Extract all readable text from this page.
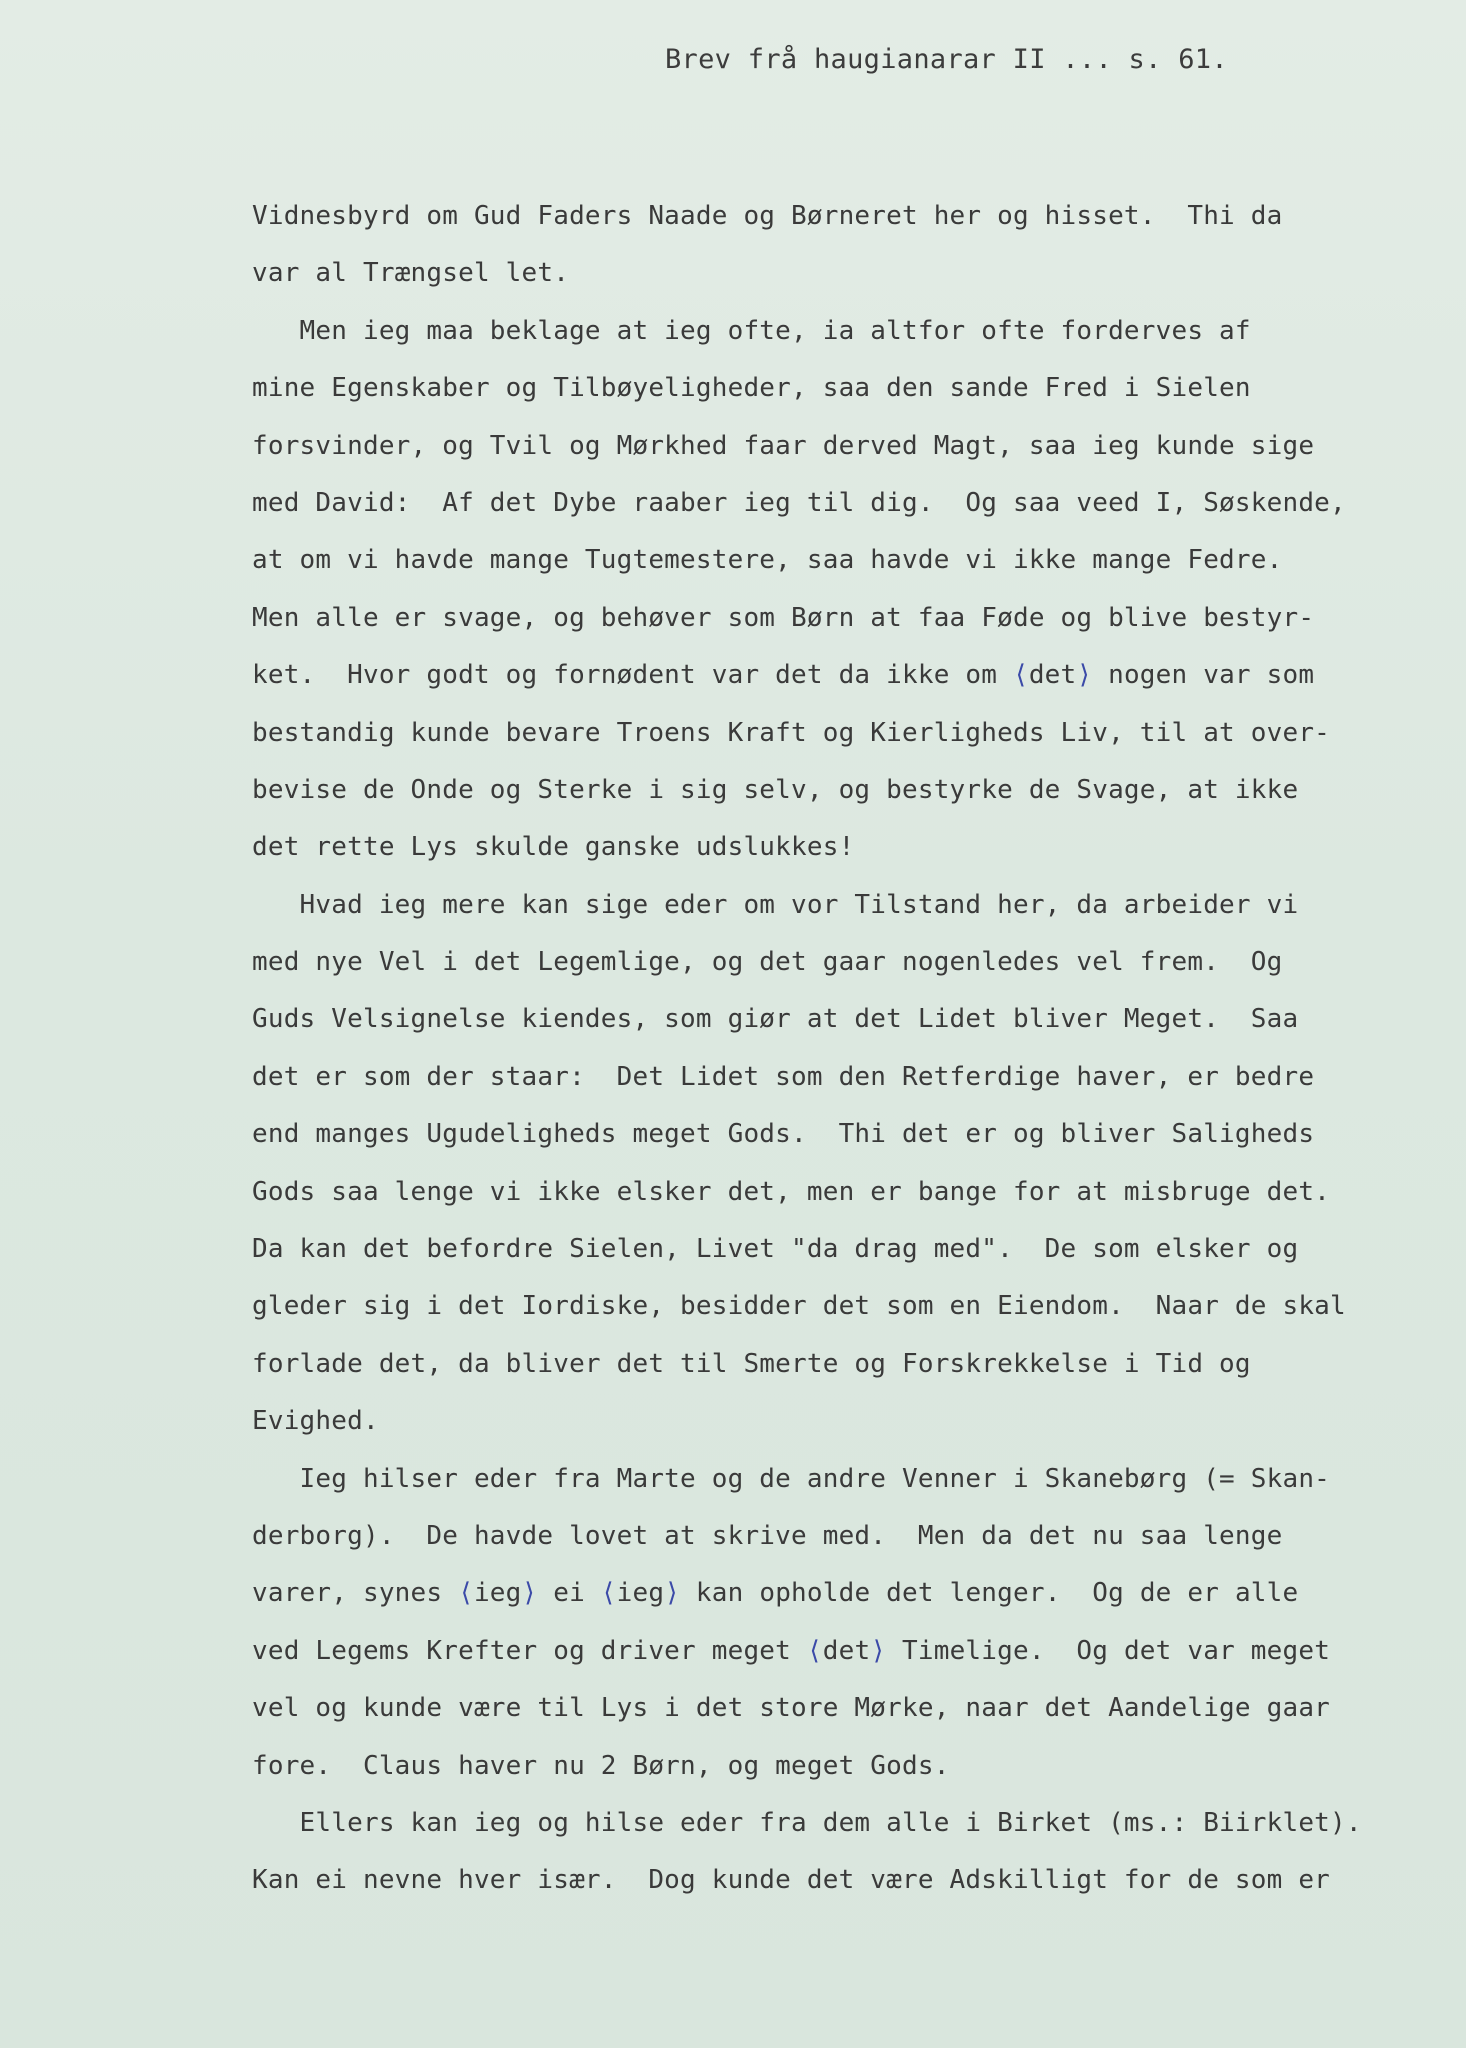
Brev frå haugianarar II ... s. 61.
Vidnesbyrd om Gud Faders Naade og Børneret her og hisset.  Thi da
var al Trængsel let.
Men ieg maa beklage at ieg ofte, ia altfor ofte forderves af
mine Egenskaber og Tilbøyeligheder, saa den sande Fred i Sielen
forsvinder, og Tvil og Mørkhed faar derved Magt, saa ieg kunde sige
med David:  Af det Dybe raaber ieg til dig.  Og saa veed I, Søskende,
at om vi havde mange Tugtemestere, saa havde vi ikke mange Fedre.
Men alle er svage, og behøver som Børn at faa Føde og blive bestyr-
ket.  Hvor godt og fornødent var det da ikke om ⟨det⟩ nogen var som
bestandig kunde bevare Troens Kraft og Kierligheds Liv, til at over-
bevise de Onde og Sterke i sig selv, og bestyrke de Svage, at ikke
det rette Lys skulde ganske udslukkes!
Hvad ieg mere kan sige eder om vor Tilstand her, da arbeider vi
med nye Vel i det Legemlige, og det gaar nogenledes vel frem.  Og
Guds Velsignelse kiendes, som giør at det Lidet bliver Meget.  Saa
det er som der staar:  Det Lidet som den Retferdige haver, er bedre
end manges Ugudeligheds meget Gods.  Thi det er og bliver Saligheds
Gods saa lenge vi ikke elsker det, men er bange for at misbruge det.
Da kan det befordre Sielen, Livet "da drag med".  De som elsker og
gleder sig i det Iordiske, besidder det som en Eiendom.  Naar de skal
forlade det, da bliver det til Smerte og Forskrekkelse i Tid og
Evighed.
Ieg hilser eder fra Marte og de andre Venner i Skanebørg (= Skan-
derborg).  De havde lovet at skrive med.  Men da det nu saa lenge
varer, synes ⟨ieg⟩ ei ⟨ieg⟩ kan opholde det lenger.  Og de er alle
ved Legems Krefter og driver meget ⟨det⟩ Timelige.  Og det var meget
vel og kunde være til Lys i det store Mørke, naar det Aandelige gaar
fore.  Claus haver nu 2 Børn, og meget Gods.
Ellers kan ieg og hilse eder fra dem alle i Birket (ms.: Biirklet).
Kan ei nevne hver især.  Dog kunde det være Adskilligt for de som er
